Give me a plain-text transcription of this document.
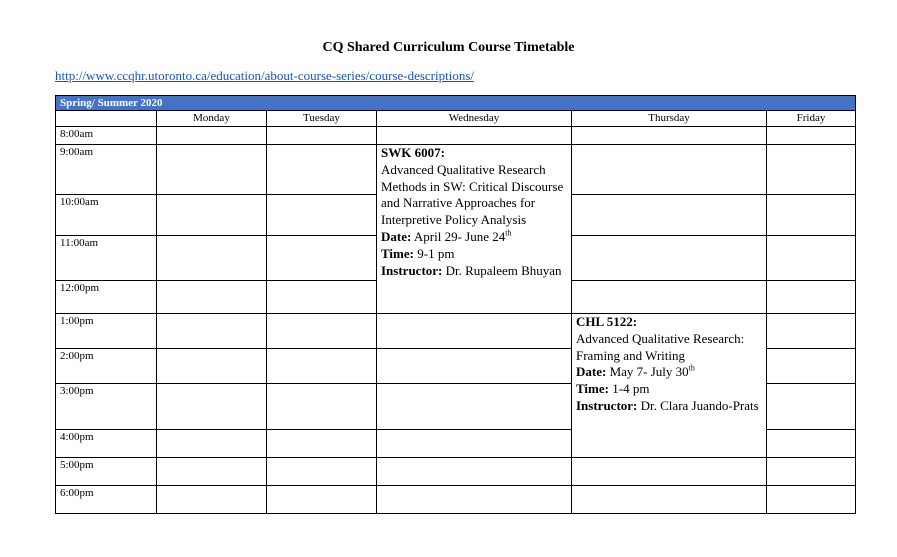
CQ Shared Curriculum Course Timetable
http://www.ccqhr.utoronto.ca/education/about-course-series/course-descriptions/
Spring/ Summer 2020					
	Monday	Tuesday	Wednesday	Thursday	Friday
8:00am					
9:00am			SWK 6007:
Advanced Qualitative Research Methods in SW: Critical Discourse and Narrative Approaches for Interpretive Policy Analysis
Date: April 29- June 24th
Time: 9-1 pm
Instructor: Dr. Rupaleem Bhuyan		
10:00am					
11:00am					
12:00pm					
1:00pm				CHL 5122:
Advanced Qualitative Research: Framing and Writing
Date: May 7- July 30th
Time: 1-4 pm
Instructor: Dr. Clara Juando-Prats	
2:00pm					
3:00pm					
4:00pm					
5:00pm					
6:00pm					
